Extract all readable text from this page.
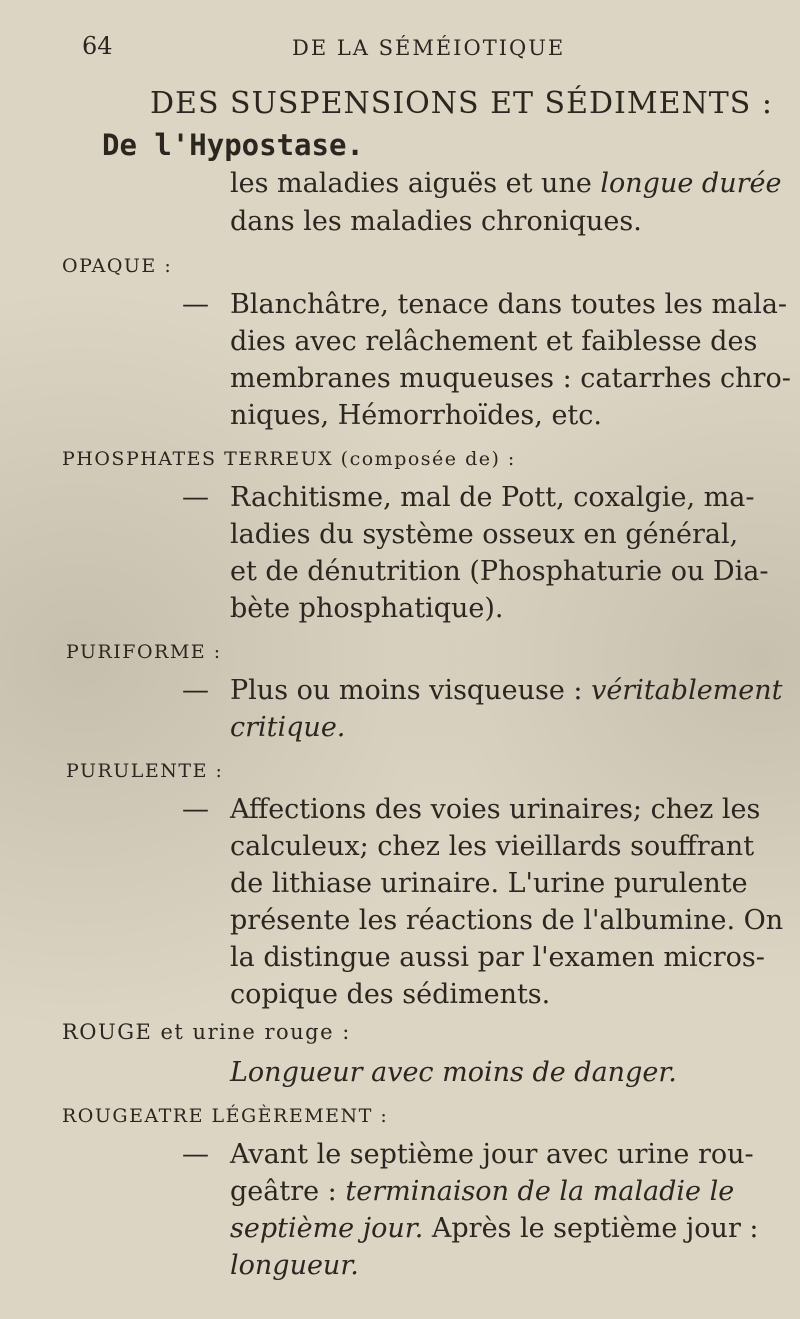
64	DE LA SÉMÉIOTIQUE
DES SUSPENSIONS ET SÉDIMENTS :
De l'Hypostase.
les maladies aiguës et une longue durée
dans les maladies chroniques.
OPAQUE :
— Blanchâtre, tenace dans toutes les mala-
dies avec relâchement et faiblesse des
membranes muqueuses : catarrhes chro-
niques, Hémorrhoïdes, etc.
PHOSPHATES TERREUX (composée de) :
— Rachitisme, mal de Pott, coxalgie, ma-
ladies du système osseux en général,
et de dénutrition (Phosphaturie ou Dia-
bète phosphatique).
PURIFORME :
— Plus ou moins visqueuse : véritablement
critique.
PURULENTE :
— Affections des voies urinaires; chez les
calculeux; chez les vieillards souffrant
de lithiase urinaire. L'urine purulente
présente les réactions de l'albumine. On
la distingue aussi par l'examen micros-
copique des sédiments.
ROUGE et urine rouge :
Longueur avec moins de danger.
ROUGEATRE LÉGÈREMENT :
— Avant le septième jour avec urine rou-
geâtre : terminaison de la maladie le
septième jour. Après le septième jour :
longueur.
